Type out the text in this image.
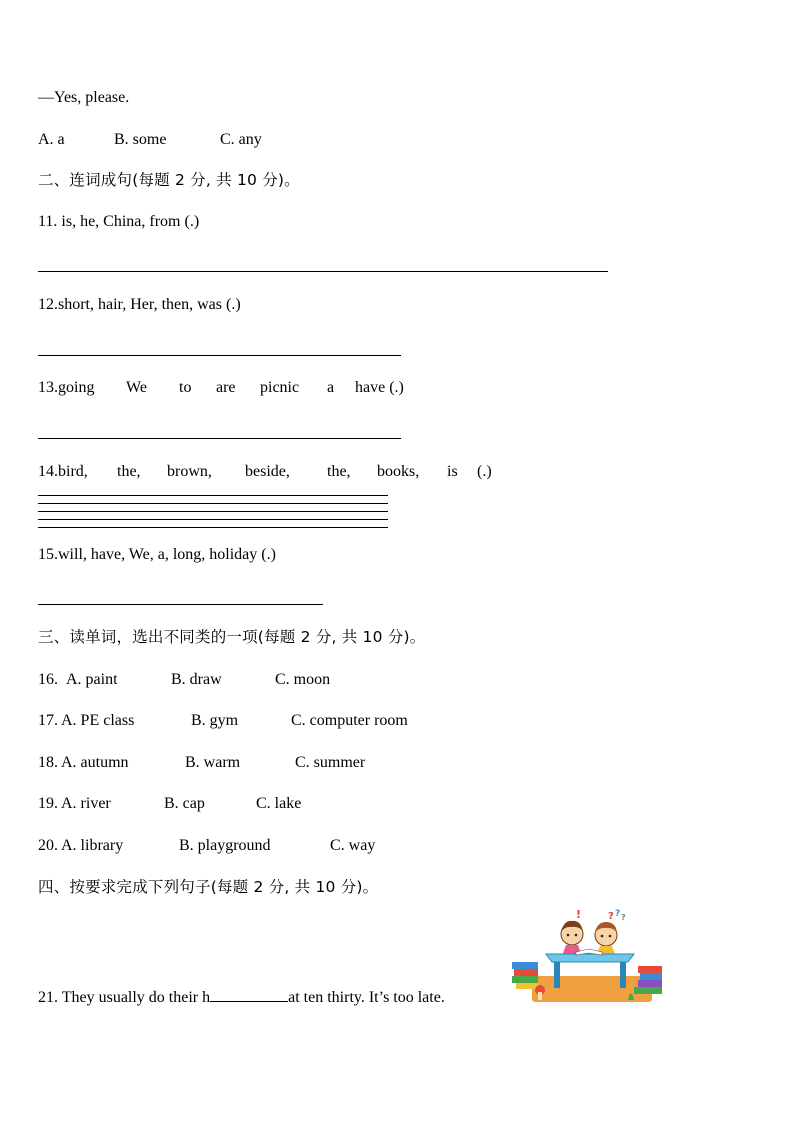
—Yes, please.
A. a	B. some	C. any
二、连词成句(每题 2 分, 共 10 分)。
11. is, he, China, from (.)
12.short, hair, Her, then, was (.)
13.going We to are picnic a have (.)
14.bird, the, brown, beside, the, books, is (.)
15.will, have, We, a, long, holiday (.)
三、读单词，选出不同类的一项(每题 2 分, 共 10 分)。
16. A. paint	B. draw	C. moon
17. A. PE class	B. gym	C. computer room
18. A. autumn	B. warm	C. summer
19. A. river	B. cap	C. lake
20. A. library	B. playground	C. way
四、按要求完成下列句子(每题 2 分, 共 10 分)。
21. They usually do their h	at ten thirty. It’s too late.
!	? ? ?
